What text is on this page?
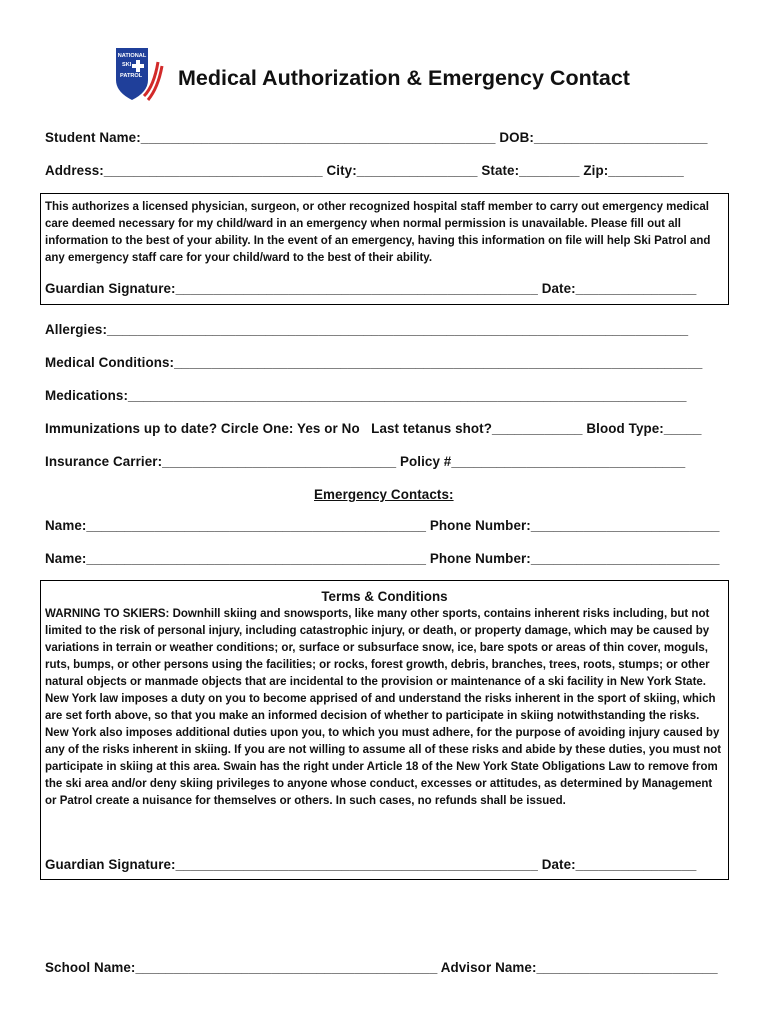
NATIONAL
SKI
PATROL Medical Authorization & Emergency Contact
Student Name:_______________________________________________ DOB:_______________________
Address:_____________________________ City:________________ State:________ Zip:__________
This authorizes a licensed physician, surgeon, or other recognized hospital staff member to carry out emergency medical care deemed necessary for my child/ward in an emergency when normal permission is unavailable. Please fill out all information to the best of your ability. In the event of an emergency, having this information on file will help Ski Patrol and any emergency staff care for your child/ward to the best of their ability.
Guardian Signature:________________________________________________ Date:________________
Allergies:_____________________________________________________________________________
Medical Conditions:______________________________________________________________________
Medications:__________________________________________________________________________
Immunizations up to date? Circle One: Yes or No   Last tetanus shot?____________ Blood Type:_____
Insurance Carrier:_______________________________ Policy #_______________________________
Emergency Contacts:
Name:_____________________________________________ Phone Number:_________________________
Name:_____________________________________________ Phone Number:_________________________
Terms & Conditions
WARNING TO SKIERS: Downhill skiing and snowsports, like many other sports, contains inherent risks including, but not limited to the risk of personal injury, including catastrophic injury, or death, or property damage, which may be caused by variations in terrain or weather conditions; or, surface or subsurface snow, ice, bare spots or areas of thin cover, moguls, ruts, bumps, or other persons using the facilities; or rocks, forest growth, debris, branches, trees, roots, stumps; or other natural objects or manmade objects that are incidental to the provision or maintenance of a ski facility in New York State. New York law imposes a duty on you to become apprised of and understand the risks inherent in the sport of skiing, which are set forth above, so that you make an informed decision of whether to participate in skiing notwithstanding the risks. New York also imposes additional duties upon you, to which you must adhere, for the purpose of avoiding injury caused by any of the risks inherent in skiing. If you are not willing to assume all of these risks and abide by these duties, you must not participate in skiing at this area. Swain has the right under Article 18 of the New York State Obligations Law to remove from the ski area and/or deny skiing privileges to anyone whose conduct, excesses or attitudes, as determined by Management or Patrol create a nuisance for themselves or others. In such cases, no refunds shall be issued.
Guardian Signature:________________________________________________ Date:________________
School Name:________________________________________ Advisor Name:________________________
